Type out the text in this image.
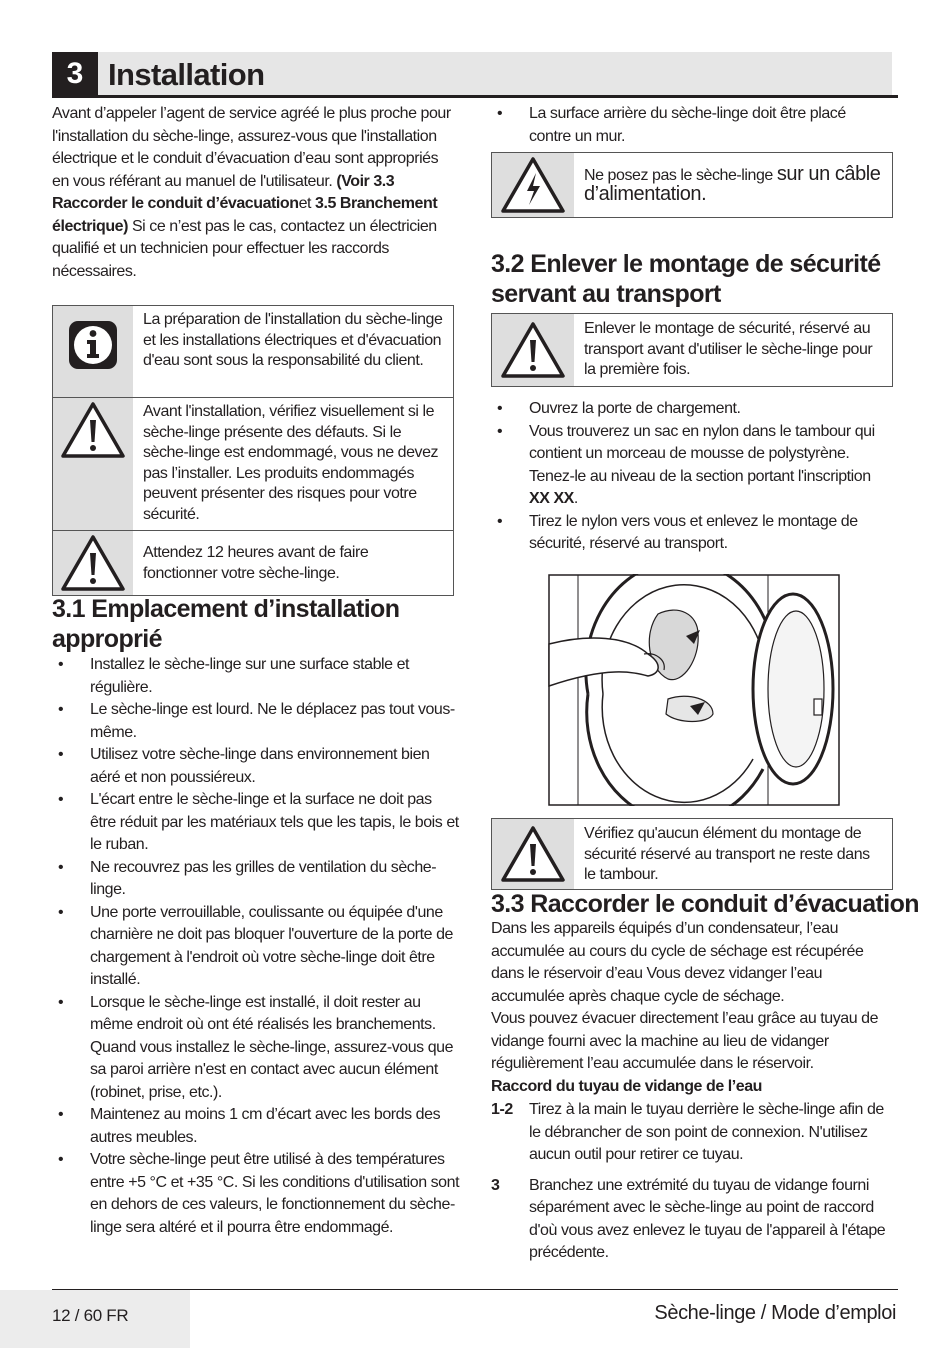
3 Installation

Avant d’appeler l’agent de service agréé le plus proche pour l'installation du sèche-linge, assurez-vous que l'installation électrique et le conduit d’évacuation d’eau sont appropriés en vous référant au manuel de l'utilisateur. (Voir 3.3 Raccorder le conduit d’évacuationet 3.5 Branchement électrique) Si ce n’est pas le cas, contactez un électricien qualifié et un technicien pour effectuer les raccords nécessaires.

La préparation de l'installation du sèche-linge et les installations électriques et d'évacuation d'eau sont sous la responsabilité du client.
Avant l'installation, vérifiez visuellement si le sèche-linge présente des défauts. Si le sèche-linge est endommagé, vous ne devez pas l’installer. Les produits endommagés peuvent présenter des risques pour votre sécurité.
Attendez 12 heures avant de faire fonctionner votre sèche-linge.
3.1 Emplacement d’installation approprié
• Installez le sèche-linge sur une surface stable et régulière.
• Le sèche-linge est lourd. Ne le déplacez pas tout vous-même.
• Utilisez votre sèche-linge dans environnement bien aéré et non poussiéreux.
• L'écart entre le sèche-linge et la surface ne doit pas être réduit par les matériaux tels que les tapis, le bois et le ruban.
• Ne recouvrez pas les grilles de ventilation du sèche-linge.
• Une porte verrouillable, coulissante ou équipée d'une charnière ne doit pas bloquer l'ouverture de la porte de chargement à l'endroit où votre sèche-linge doit être installé.
• Lorsque le sèche-linge est installé, il doit rester au même endroit où ont été réalisés les branchements. Quand vous installez le sèche-linge, assurez-vous que sa paroi arrière n'est en contact avec aucun élément (robinet, prise, etc.).
• Maintenez au moins 1 cm d’écart avec les bords des autres meubles.
• Votre sèche-linge peut être utilisé à des températures entre +5 °C et +35 °C. Si les conditions d'utilisation sont en dehors de ces valeurs, le fonctionnement du sèche-linge sera altéré et il pourra être endommagé.
• La surface arrière du sèche-linge doit être placé contre un mur.
Ne posez pas le sèche-linge sur un câble d’alimentation.
3.2 Enlever le montage de sécurité servant au transport
Enlever le montage de sécurité, réservé au transport avant d'utiliser le sèche-linge pour la première fois.
• Ouvrez la porte de chargement.
• Vous trouverez un sac en nylon dans le tambour qui contient un morceau de mousse de polystyrène. Tenez-le au niveau de la section portant l'inscription XX XX.
• Tirez le nylon vers vous et enlevez le montage de sécurité, réservé au transport.
Vérifiez qu'aucun élément du montage de sécurité réservé au transport ne reste dans le tambour.
3.3 Raccorder le conduit d’évacuation

Dans les appareils équipés d’un condensateur, l’eau accumulée au cours du cycle de séchage est récupérée dans le réservoir d’eau Vous devez vidanger l’eau accumulée après chaque cycle de séchage.

Vous pouvez évacuer directement l’eau grâce au tuyau de vidange fourni avec la machine au lieu de vidanger régulièrement l’eau accumulée dans le réservoir.

Raccord du tuyau de vidange de l’eau

1-2	Tirez à la main le tuyau derrière le sèche-linge afin de le débrancher de son point de connexion. N'utilisez aucun outil pour retirer ce tuyau.
3	Branchez une extrémité du tuyau de vidange fourni séparément avec le sèche-linge au point de raccord d'où vous avez enlevez le tuyau de l'appareil à l'étape précédente.
12 / 60 FR	Sèche-linge / Mode d’emploi
